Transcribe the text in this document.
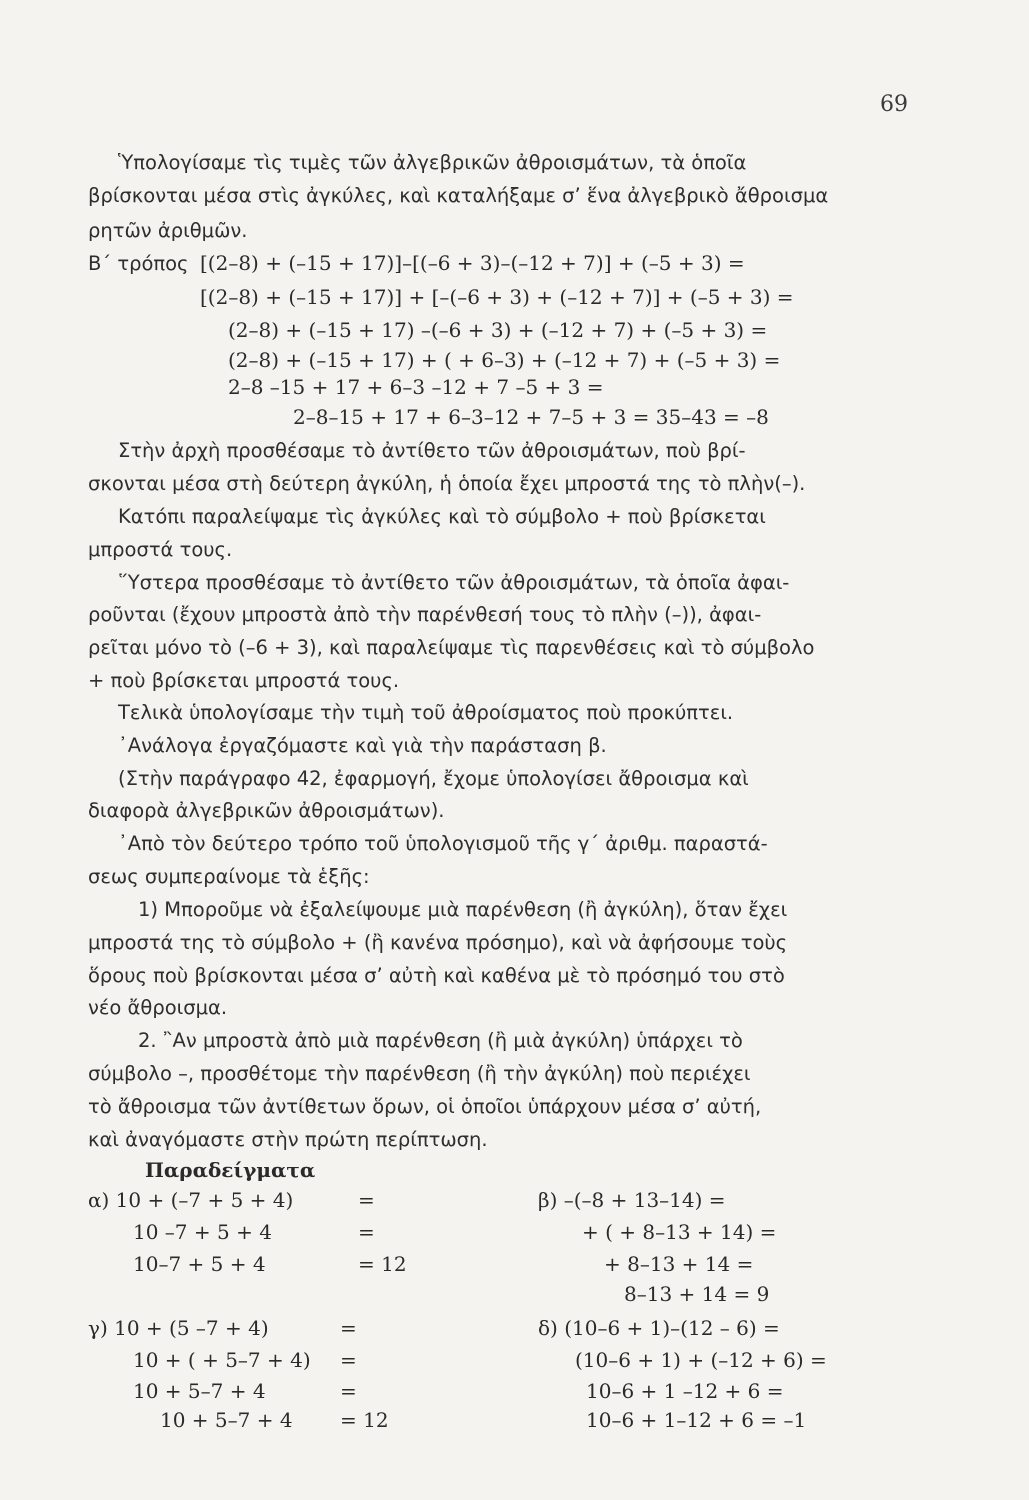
69
Ὑπολογίσαμε τὶς τιμὲς τῶν ἀλγεβρικῶν ἀθροισμάτων, τὰ ὁποῖα
βρίσκονται μέσα στὶς ἀγκύλες, καὶ καταλήξαμε σ’ ἕνα ἀλγεβρικὸ ἄθροισμα
ρητῶν ἀριθμῶν.
Β΄ τρόπος [(2–8) + (–15 + 17)]–[(–6 + 3)–(–12 + 7)] + (–5 + 3) =
[(2–8) + (–15 + 17)] + [–(–6 + 3) + (–12 + 7)] + (–5 + 3) =
(2–8) + (–15 + 17) –(–6 + 3) + (–12 + 7) + (–5 + 3) =
(2–8) + (–15 + 17) + ( + 6–3) + (–12 + 7) + (–5 + 3) =
2–8 –15 + 17 + 6–3 –12 + 7 –5 + 3 =
2–8–15 + 17 + 6–3–12 + 7–5 + 3 = 35–43 = –8
Στὴν ἀρχὴ προσθέσαμε τὸ ἀντίθετο τῶν ἀθροισμάτων, ποὺ βρί-
σκονται μέσα στὴ δεύτερη ἀγκύλη, ἡ ὁποία ἔχει μπροστά της τὸ πλὴν(–).
Κατόπι παραλείψαμε τὶς ἀγκύλες καὶ τὸ σύμβολο + ποὺ βρίσκεται
μπροστά τους.
῞Υστερα προσθέσαμε τὸ ἀντίθετο τῶν ἀθροισμάτων, τὰ ὁποῖα ἀφαι-
ροῦνται (ἔχουν μπροστὰ ἀπὸ τὴν παρένθεσή τους τὸ πλὴν (–)), ἀφαι-
ρεῖται μόνο τὸ (–6 + 3), καὶ παραλείψαμε τὶς παρενθέσεις καὶ τὸ σύμβολο
+ ποὺ βρίσκεται μπροστά τους.
Τελικὰ ὑπολογίσαμε τὴν τιμὴ τοῦ ἀθροίσματος ποὺ προκύπτει.
᾿Ανάλογα ἐργαζόμαστε καὶ γιὰ τὴν παράσταση β.
(Στὴν παράγραφο 42, ἐφαρμογή, ἔχομε ὑπολογίσει ἄθροισμα καὶ
διαφορὰ ἀλγεβρικῶν ἀθροισμάτων).
᾿Απὸ τὸν δεύτερο τρόπο τοῦ ὑπολογισμοῦ τῆς γ΄ ἀριθμ. παραστά-
σεως συμπεραίνομε τὰ ἑξῆς:
1) Μποροῦμε νὰ ἐξαλείψουμε μιὰ παρένθεση (ἢ ἀγκύλη), ὅταν ἔχει
μπροστά της τὸ σύμβολο + (ἢ κανένα πρόσημο), καὶ νὰ ἀφήσουμε τοὺς
ὅρους ποὺ βρίσκονται μέσα σ’ αὐτὴ καὶ καθένα μὲ τὸ πρόσημό του στὸ
νέο ἄθροισμα.
2. ῍Αν μπροστὰ ἀπὸ μιὰ παρένθεση (ἢ μιὰ ἀγκύλη) ὑπάρχει τὸ
σύμβολο –, προσθέτομε τὴν παρένθεση (ἢ τὴν ἀγκύλη) ποὺ περιέχει
τὸ ἄθροισμα τῶν ἀντίθετων ὅρων, οἱ ὁποῖοι ὑπάρχουν μέσα σ’ αὐτή,
καὶ ἀναγόμαστε στὴν πρώτη περίπτωση.
Παραδείγματα
α) 10 + (–7 + 5 + 4)	=
10 –7 + 5 + 4	=
10–7 + 5 + 4	= 12
β) –(–8 + 13–14) =
+ ( + 8–13 + 14) =
+ 8–13 + 14 =
8–13 + 14 = 9
γ) 10 + (5 –7 + 4)	=
10 + ( + 5–7 + 4) =
10 + 5–7 + 4	=
10 + 5–7 + 4 = 12
δ) (10–6 + 1)–(12 – 6) =
(10–6 + 1) + (–12 + 6) =
10–6 + 1 –12 + 6 =
10–6 + 1–12 + 6 = –1
